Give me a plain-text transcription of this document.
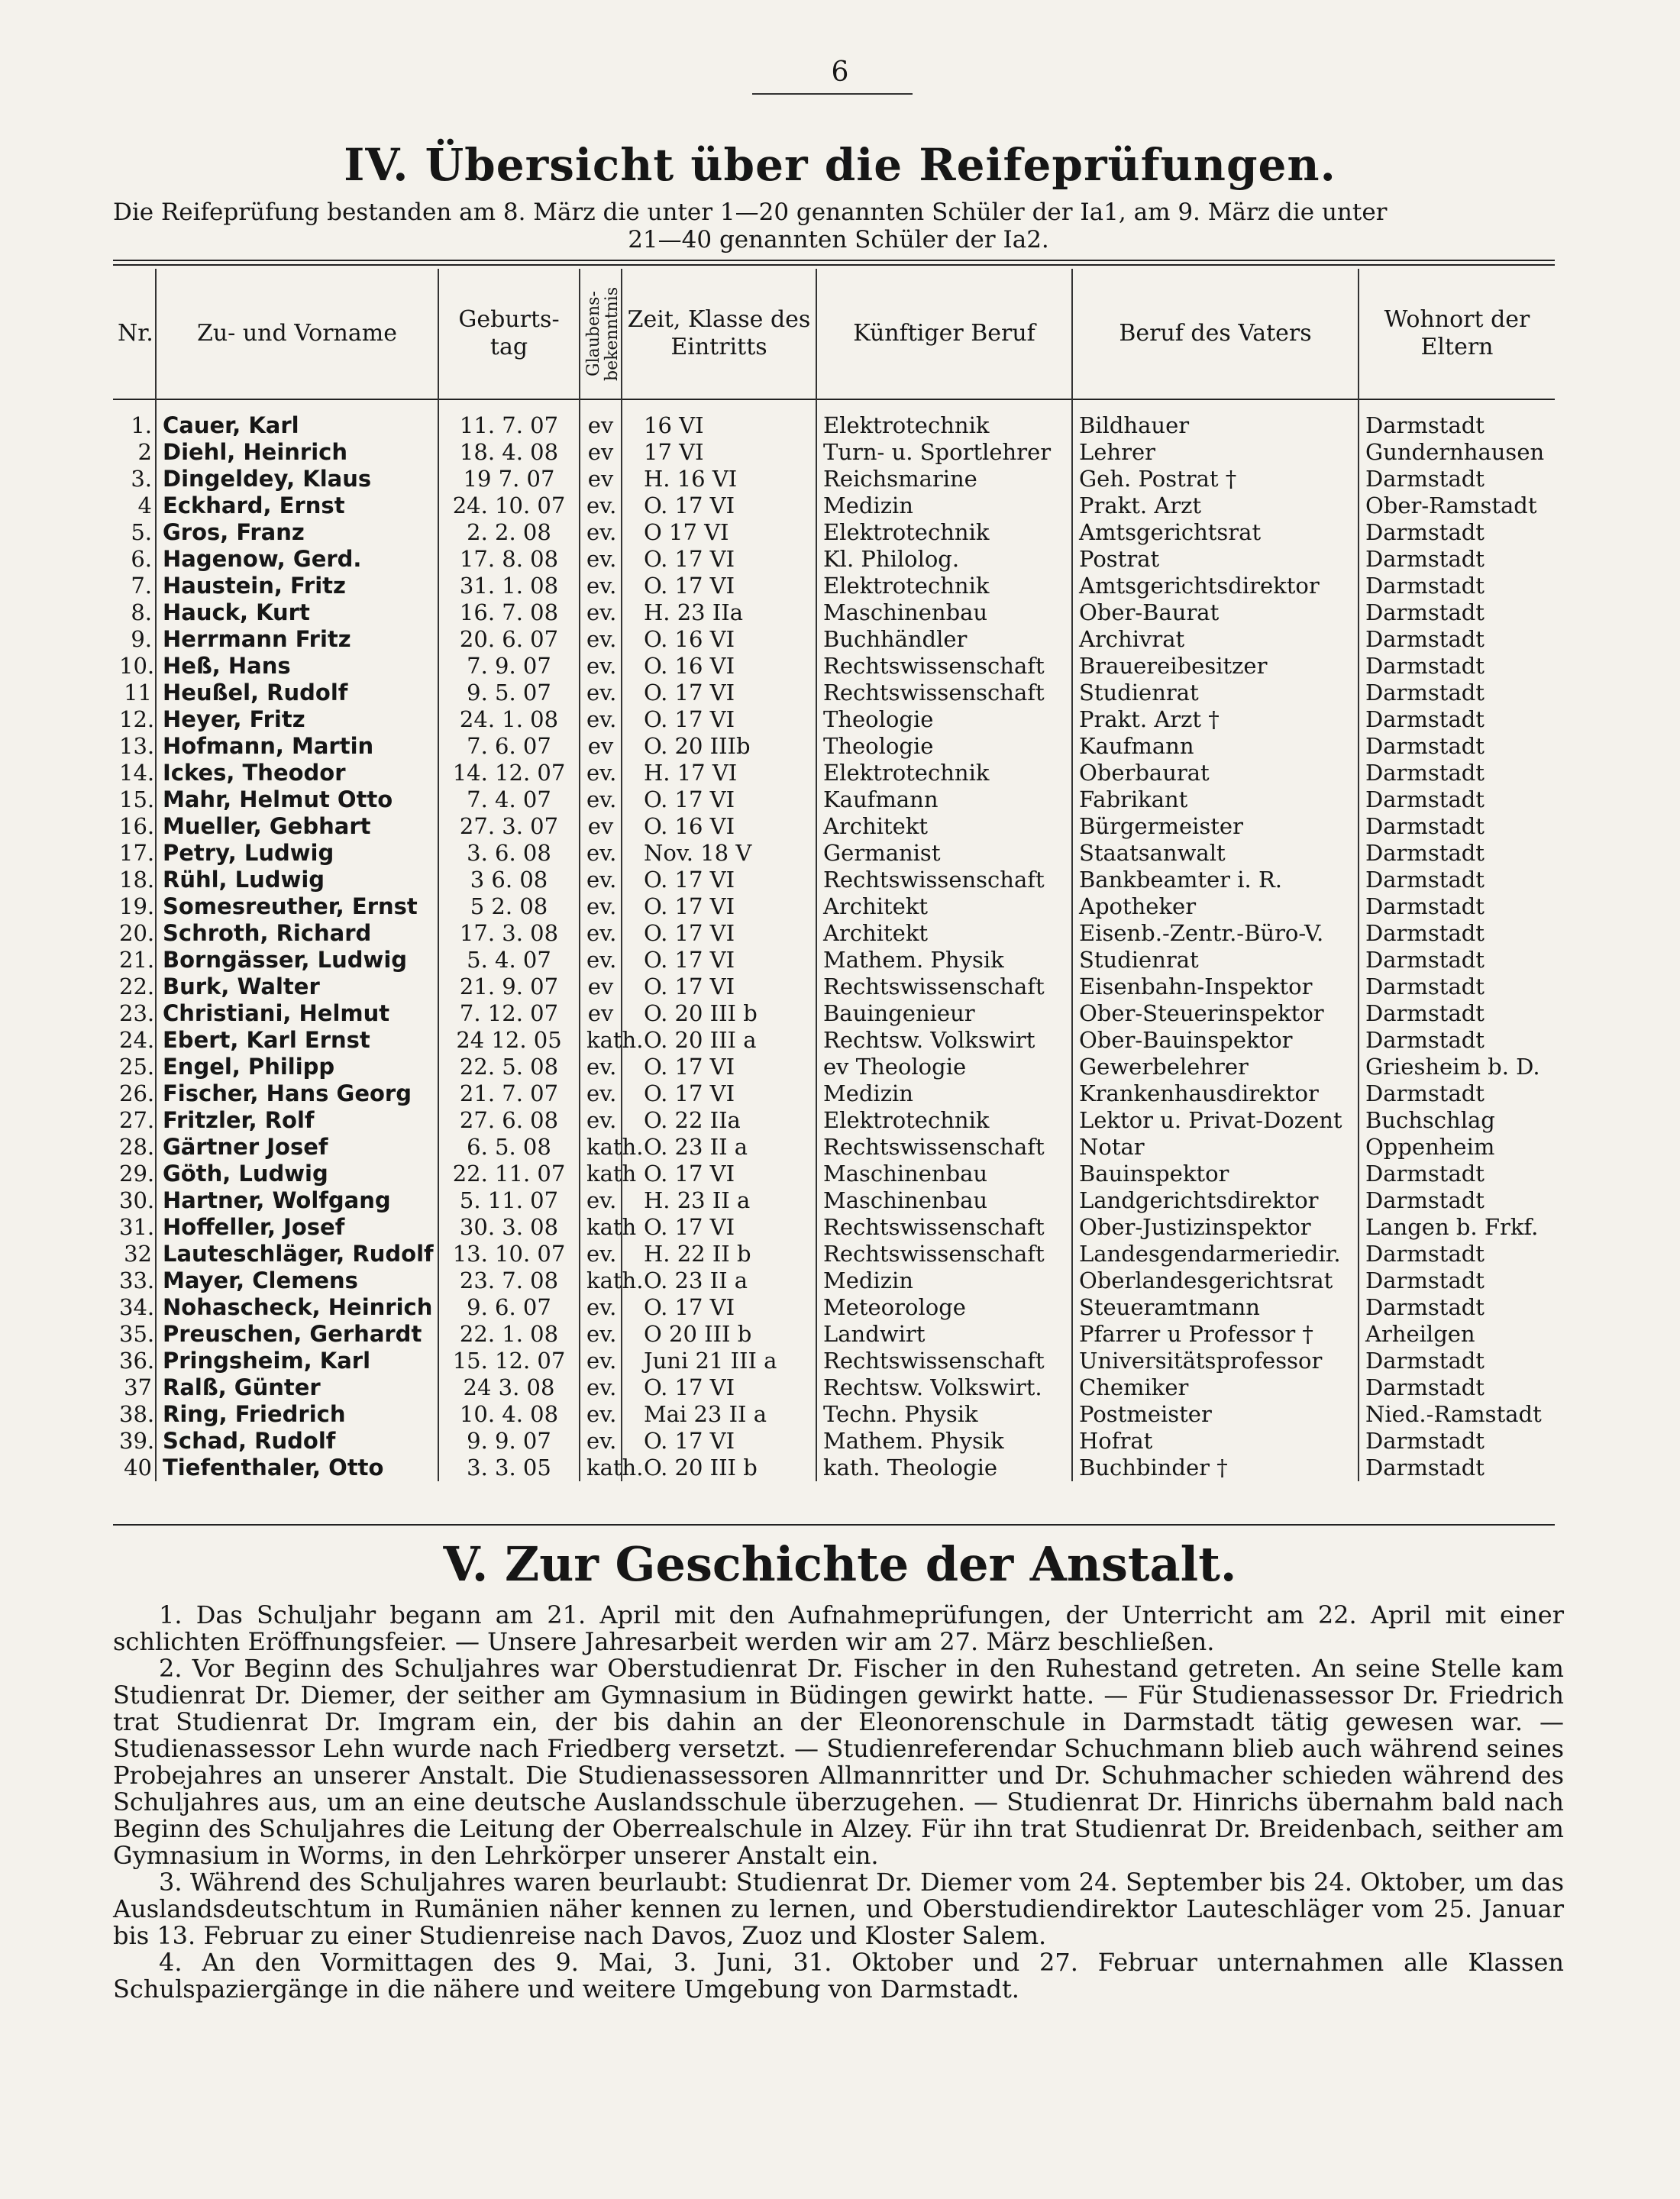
6
IV. Übersicht über die Reifeprüfungen.
Die Reifeprüfung bestanden am 8. März die unter 1—20 genannten Schüler der Ia1, am 9. März die unter
21—40 genannten Schüler der Ia2.
Nr.	Zu- und Vorname	Geburts-tag	Glaubens-bekenntnis	Zeit, Klasse des Eintritts	Künftiger Beruf	Beruf des Vaters	Wohnort der Eltern
1.	Cauer, Karl	11. 7. 07	ev	16 VI	Elektrotechnik	Bildhauer	Darmstadt
2	Diehl, Heinrich	18. 4. 08	ev	17 VI	Turn- u. Sportlehrer	Lehrer	Gundernhausen
3.	Dingeldey, Klaus	19 7. 07	ev	H. 16 VI	Reichsmarine	Geh. Postrat †	Darmstadt
4	Eckhard, Ernst	24. 10. 07	ev.	O. 17 VI	Medizin	Prakt. Arzt	Ober-Ramstadt
5.	Gros, Franz	2. 2. 08	ev.	O 17 VI	Elektrotechnik	Amtsgerichtsrat	Darmstadt
6.	Hagenow, Gerd.	17. 8. 08	ev.	O. 17 VI	Kl. Philolog.	Postrat	Darmstadt
7.	Haustein, Fritz	31. 1. 08	ev.	O. 17 VI	Elektrotechnik	Amtsgerichtsdirektor	Darmstadt
8.	Hauck, Kurt	16. 7. 08	ev.	H. 23 IIa	Maschinenbau	Ober-Baurat	Darmstadt
9.	Herrmann Fritz	20. 6. 07	ev.	O. 16 VI	Buchhändler	Archivrat	Darmstadt
10.	Heß, Hans	7. 9. 07	ev.	O. 16 VI	Rechtswissenschaft	Brauereibesitzer	Darmstadt
11	Heußel, Rudolf	9. 5. 07	ev.	O. 17 VI	Rechtswissenschaft	Studienrat	Darmstadt
12.	Heyer, Fritz	24. 1. 08	ev.	O. 17 VI	Theologie	Prakt. Arzt †	Darmstadt
13.	Hofmann, Martin	7. 6. 07	ev	O. 20 IIIb	Theologie	Kaufmann	Darmstadt
14.	Ickes, Theodor	14. 12. 07	ev.	H. 17 VI	Elektrotechnik	Oberbaurat	Darmstadt
15.	Mahr, Helmut Otto	7. 4. 07	ev.	O. 17 VI	Kaufmann	Fabrikant	Darmstadt
16.	Mueller, Gebhart	27. 3. 07	ev	O. 16 VI	Architekt	Bürgermeister	Darmstadt
17.	Petry, Ludwig	3. 6. 08	ev.	Nov. 18 V	Germanist	Staatsanwalt	Darmstadt
18.	Rühl, Ludwig	3 6. 08	ev.	O. 17 VI	Rechtswissenschaft	Bankbeamter i. R.	Darmstadt
19.	Somesreuther, Ernst	5 2. 08	ev.	O. 17 VI	Architekt	Apotheker	Darmstadt
20.	Schroth, Richard	17. 3. 08	ev.	O. 17 VI	Architekt	Eisenb.-Zentr.-Büro-V.	Darmstadt
21.	Borngässer, Ludwig	5. 4. 07	ev.	O. 17 VI	Mathem. Physik	Studienrat	Darmstadt
22.	Burk, Walter	21. 9. 07	ev	O. 17 VI	Rechtswissenschaft	Eisenbahn-Inspektor	Darmstadt
23.	Christiani, Helmut	7. 12. 07	ev	O. 20 III b	Bauingenieur	Ober-Steuerinspektor	Darmstadt
24.	Ebert, Karl Ernst	24 12. 05	kath.	O. 20 III a	Rechtsw. Volkswirt	Ober-Bauinspektor	Darmstadt
25.	Engel, Philipp	22. 5. 08	ev.	O. 17 VI	ev Theologie	Gewerbelehrer	Griesheim b. D.
26.	Fischer, Hans Georg	21. 7. 07	ev.	O. 17 VI	Medizin	Krankenhausdirektor	Darmstadt
27.	Fritzler, Rolf	27. 6. 08	ev.	O. 22 IIa	Elektrotechnik	Lektor u. Privat-Dozent	Buchschlag
28.	Gärtner Josef	6. 5. 08	kath.	O. 23 II a	Rechtswissenschaft	Notar	Oppenheim
29.	Göth, Ludwig	22. 11. 07	kath	O. 17 VI	Maschinenbau	Bauinspektor	Darmstadt
30.	Hartner, Wolfgang	5. 11. 07	ev.	H. 23 II a	Maschinenbau	Landgerichtsdirektor	Darmstadt
31.	Hoffeller, Josef	30. 3. 08	kath	O. 17 VI	Rechtswissenschaft	Ober-Justizinspektor	Langen b. Frkf.
32	Lauteschläger, Rudolf	13. 10. 07	ev.	H. 22 II b	Rechtswissenschaft	Landesgendarmeriedir.	Darmstadt
33.	Mayer, Clemens	23. 7. 08	kath.	O. 23 II a	Medizin	Oberlandesgerichtsrat	Darmstadt
34.	Nohascheck, Heinrich	9. 6. 07	ev.	O. 17 VI	Meteorologe	Steueramtmann	Darmstadt
35.	Preuschen, Gerhardt	22. 1. 08	ev.	O 20 III b	Landwirt	Pfarrer u Professor †	Arheilgen
36.	Pringsheim, Karl	15. 12. 07	ev.	Juni 21 III a	Rechtswissenschaft	Universitätsprofessor	Darmstadt
37	Ralß, Günter	24 3. 08	ev.	O. 17 VI	Rechtsw. Volkswirt.	Chemiker	Darmstadt
38.	Ring, Friedrich	10. 4. 08	ev.	Mai 23 II a	Techn. Physik	Postmeister	Nied.-Ramstadt
39.	Schad, Rudolf	9. 9. 07	ev.	O. 17 VI	Mathem. Physik	Hofrat	Darmstadt
40	Tiefenthaler, Otto	3. 3. 05	kath.	O. 20 III b	kath. Theologie	Buchbinder †	Darmstadt
V. Zur Geschichte der Anstalt.

1. Das Schuljahr begann am 21. April mit den Aufnahmeprüfungen, der Unterricht am 22. April mit einer schlichten Eröffnungsfeier. — Unsere Jahresarbeit werden wir am 27. März beschließen.

2. Vor Beginn des Schuljahres war Oberstudienrat Dr. Fischer in den Ruhestand getreten. An seine Stelle kam Studienrat Dr. Diemer, der seither am Gymnasium in Büdingen gewirkt hatte. — Für Studienassessor Dr. Friedrich trat Studienrat Dr. Imgram ein, der bis dahin an der Eleonorenschule in Darmstadt tätig gewesen war. — Studienassessor Lehn wurde nach Friedberg versetzt. — Studienreferendar Schuchmann blieb auch während seines Probejahres an unserer Anstalt. Die Studienassessoren Allmannritter und Dr. Schuhmacher schieden während des Schuljahres aus, um an eine deutsche Auslandsschule überzugehen. — Studienrat Dr. Hinrichs übernahm bald nach Beginn des Schuljahres die Leitung der Oberrealschule in Alzey. Für ihn trat Studienrat Dr. Breidenbach, seither am Gymnasium in Worms, in den Lehrkörper unserer Anstalt ein.

3. Während des Schuljahres waren beurlaubt: Studienrat Dr. Diemer vom 24. September bis 24. Oktober, um das Auslandsdeutschtum in Rumänien näher kennen zu lernen, und Oberstudiendirektor Lauteschläger vom 25. Januar bis 13. Februar zu einer Studienreise nach Davos, Zuoz und Kloster Salem.

4. An den Vormittagen des 9. Mai, 3. Juni, 31. Oktober und 27. Februar unternahmen alle Klassen Schulspaziergänge in die nähere und weitere Umgebung von Darmstadt.
